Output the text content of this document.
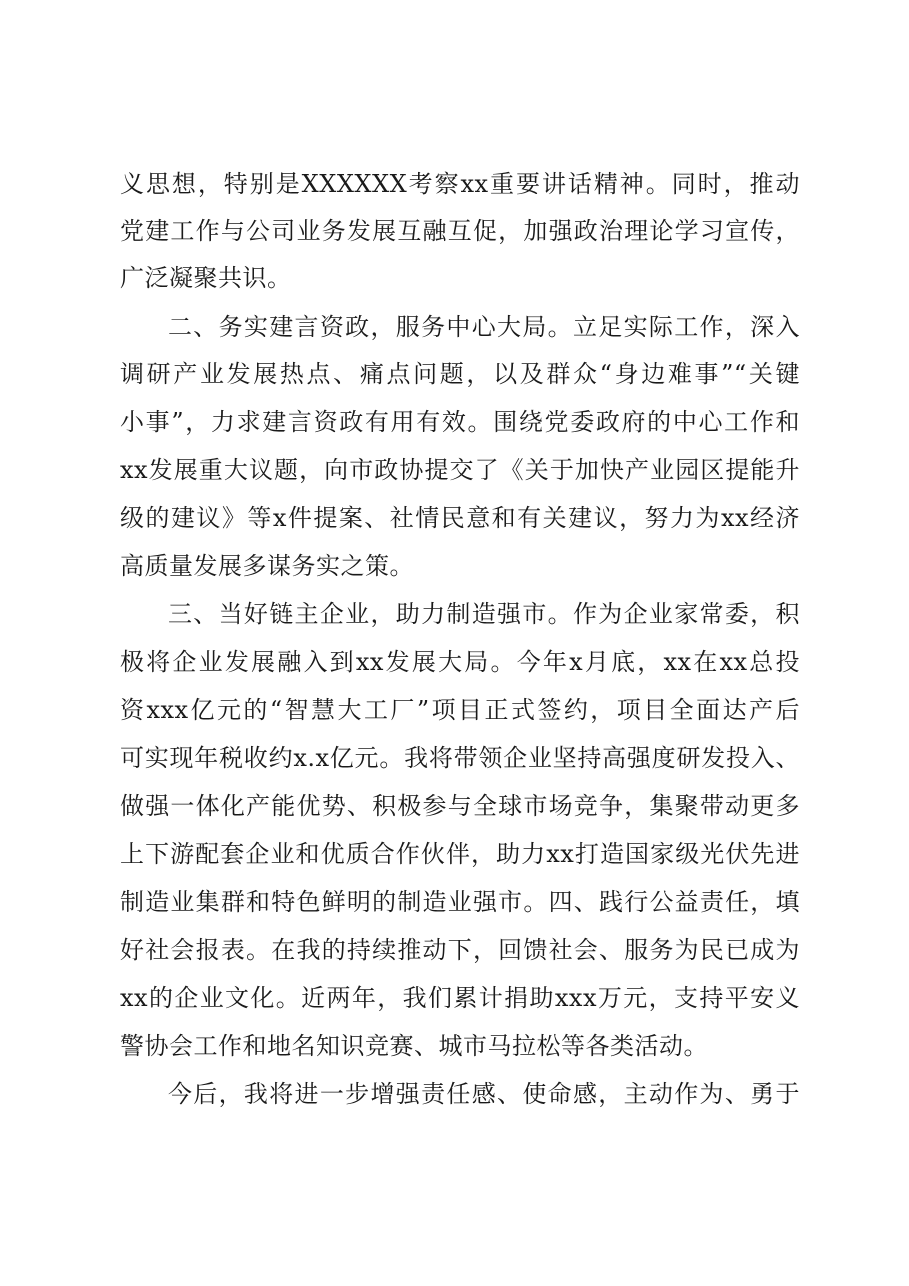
义思想，特别是XXXXXX考察xx重要讲话精神。同时，推动
党建工作与公司业务发展互融互促，加强政治理论学习宣传，
广泛凝聚共识。
二、务实建言资政，服务中心大局。立足实际工作，深入
调研产业发展热点、痛点问题，以及群众“身边难事”“关键
小事”，力求建言资政有用有效。围绕党委政府的中心工作和
xx发展重大议题，向市政协提交了《关于加快产业园区提能升
级的建议》等x件提案、社情民意和有关建议，努力为xx经济
高质量发展多谋务实之策。
三、当好链主企业，助力制造强市。作为企业家常委，积
极将企业发展融入到xx发展大局。今年x月底，xx在xx总投
资xxx亿元的“智慧大工厂”项目正式签约，项目全面达产后
可实现年税收约x.x亿元。我将带领企业坚持高强度研发投入、
做强一体化产能优势、积极参与全球市场竞争，集聚带动更多
上下游配套企业和优质合作伙伴，助力xx打造国家级光伏先进
制造业集群和特色鲜明的制造业强市。四、践行公益责任，填
好社会报表。在我的持续推动下，回馈社会、服务为民已成为
xx的企业文化。近两年，我们累计捐助xxx万元，支持平安义
警协会工作和地名知识竞赛、城市马拉松等各类活动。
今后，我将进一步增强责任感、使命感，主动作为、勇于
